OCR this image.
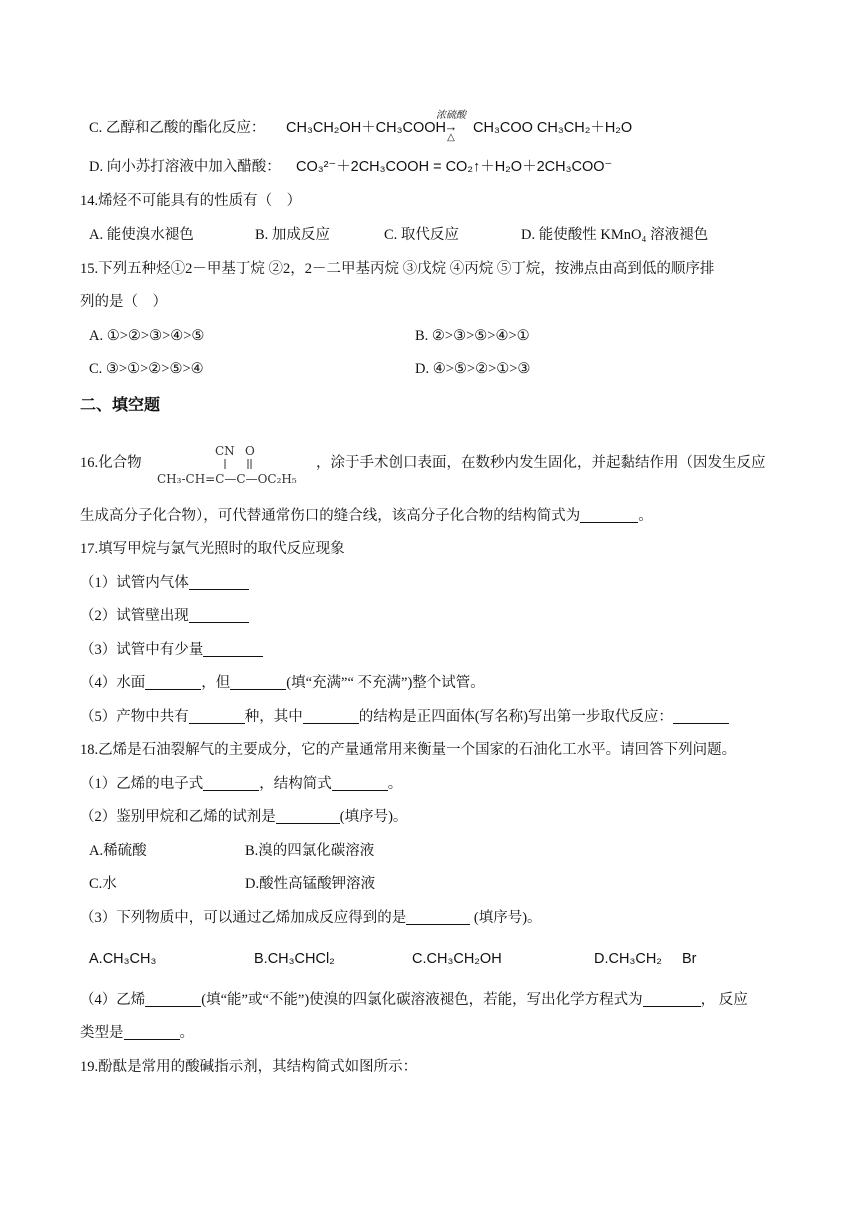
C. 乙醇和乙酸的酯化反应： CH₃CH₂OH＋CH₃COOH
浓硫酸
→
△
CH₃COO CH₃CH₂＋H₂O
D. 向小苏打溶液中加入醋酸： CO₃²⁻＋2CH₃COOH = CO₂↑＋H₂O＋2CH₃COO⁻
14.烯烃不可能具有的性质有（　）
A. 能使溴水褪色	B. 加成反应	C. 取代反应	D. 能使酸性 KMnO₄ 溶液褪色
15.下列五种烃①2－甲基丁烷 ②2，2－二甲基丙烷 ③戊烷 ④丙烷 ⑤丁烷，按沸点由高到低的顺序排
列的是（　）
A. ①>②>③>④>⑤	B. ②>③>⑤>④>①
C. ③>①>②>⑤>④	D. ④>⑤>②>①>③
二、填空题
16.化合物
CN O
CH₃-CH=C—C—OC₂H₅
，涂于手术创口表面，在数秒内发生固化，并起黏结作用（因发生反应
生成高分子化合物），可代替通常伤口的缝合线，该高分子化合物的结构简式为	。
17.填写甲烷与氯气光照时的取代反应现象
（1）试管内气体
（2）试管壁出现
（3）试管中有少量
（4）水面	，但	(填“充满”“ 不充满”)整个试管。
（5）产物中共有	种，其中	的结构是正四面体(写名称)写出第一步取代反应：
18.乙烯是石油裂解气的主要成分，它的产量通常用来衡量一个国家的石油化工水平。请回答下列问题。
（1）乙烯的电子式	，结构简式	。
（2）鉴别甲烷和乙烯的试剂是	(填序号)。
A.稀硫酸	B.溴的四氯化碳溶液
C.水	D.酸性高锰酸钾溶液
（3）下列物质中，可以通过乙烯加成反应得到的是	(填序号)。
A.CH₃CH₃	B.CH₃CHCl₂	C.CH₃CH₂OH	D.CH₃CH₂ Br
（4）乙烯	(填“能”或“不能”)使溴的四氯化碳溶液褪色，若能，写出化学方程式为	， 反应
类型是	。
19.酚酞是常用的酸碱指示剂，其结构简式如图所示：
